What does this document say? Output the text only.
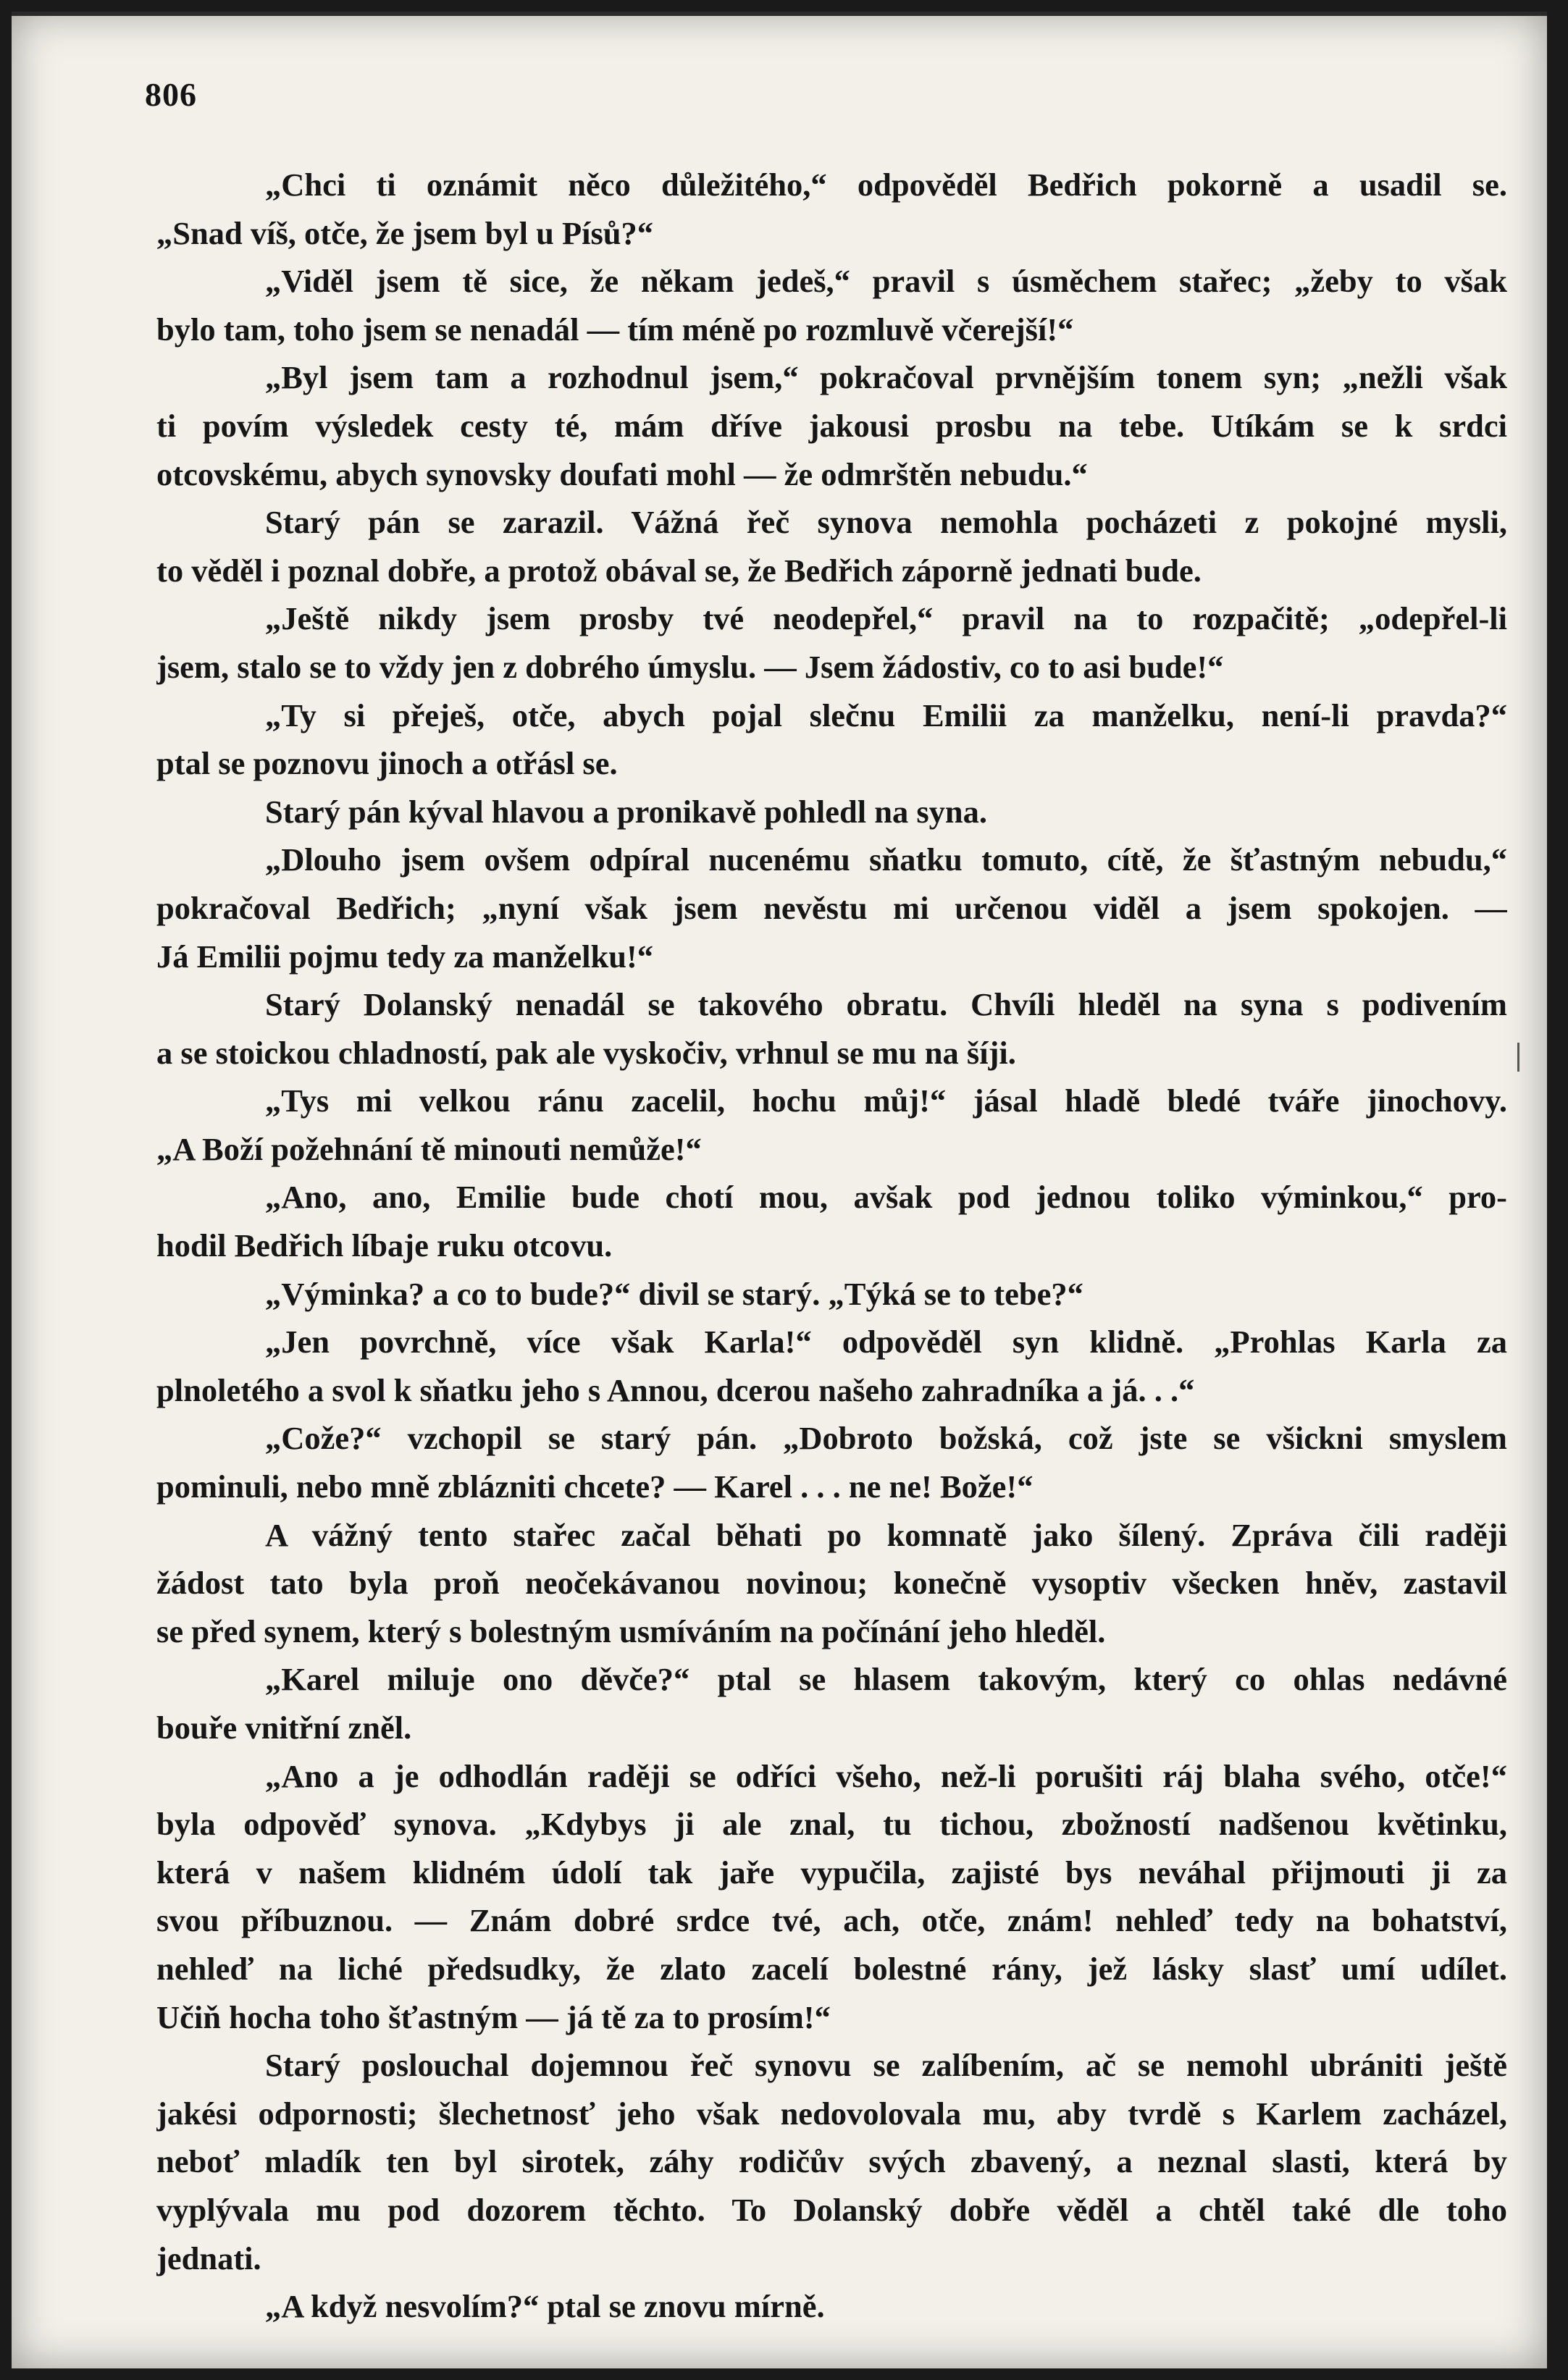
806
„Chci ti oznámit něco důležitého,“ odpověděl Bedřich pokorně a usadil se.
„Snad víš, otče, že jsem byl u Písů?“
„Viděl jsem tě sice, že někam jedeš,“ pravil s úsměchem stařec; „žeby to však
bylo tam, toho jsem se nenadál — tím méně po rozmluvě včerejší!“
„Byl jsem tam a rozhodnul jsem,“ pokračoval prvnějším tonem syn; „nežli však
ti povím výsledek cesty té, mám dříve jakousi prosbu na tebe. Utíkám se k srdci
otcovskému, abych synovsky doufati mohl — že odmrštěn nebudu.“
Starý pán se zarazil. Vážná řeč synova nemohla pocházeti z pokojné mysli,
to věděl i poznal dobře, a protož obával se, že Bedřich záporně jednati bude.
„Ještě nikdy jsem prosby tvé neodepřel,“ pravil na to rozpačitě; „odepřel-li
jsem, stalo se to vždy jen z dobrého úmyslu. — Jsem žádostiv, co to asi bude!“
„Ty si přeješ, otče, abych pojal slečnu Emilii za manželku, není-li pravda?“
ptal se poznovu jinoch a otřásl se.
Starý pán kýval hlavou a pronikavě pohledl na syna.
„Dlouho jsem ovšem odpíral nucenému sňatku tomuto, cítě, že šťastným nebudu,“
pokračoval Bedřich; „nyní však jsem nevěstu mi určenou viděl a jsem spokojen. —
Já Emilii pojmu tedy za manželku!“
Starý Dolanský nenadál se takového obratu. Chvíli hleděl na syna s podivením
a se stoickou chladností, pak ale vyskočiv, vrhnul se mu na šíji.
„Tys mi velkou ránu zacelil, hochu můj!“ jásal hladě bledé tváře jinochovy.
„A Boží požehnání tě minouti nemůže!“
„Ano, ano, Emilie bude chotí mou, avšak pod jednou toliko výminkou,“ pro-
hodil Bedřich líbaje ruku otcovu.
„Výminka? a co to bude?“ divil se starý. „Týká se to tebe?“
„Jen povrchně, více však Karla!“ odpověděl syn klidně. „Prohlas Karla za
plnoletého a svol k sňatku jeho s Annou, dcerou našeho zahradníka a já. . .“
„Cože?“ vzchopil se starý pán. „Dobroto božská, což jste se všickni smyslem
pominuli, nebo mně zblázniti chcete? — Karel . . . ne ne! Bože!“
A vážný tento stařec začal běhati po komnatě jako šílený. Zpráva čili raději
žádost tato byla proň neočekávanou novinou; konečně vysoptiv všecken hněv, zastavil
se před synem, který s bolestným usmíváním na počínání jeho hleděl.
„Karel miluje ono děvče?“ ptal se hlasem takovým, který co ohlas nedávné
bouře vnitřní zněl.
„Ano a je odhodlán raději se odříci všeho, než-li porušiti ráj blaha svého, otče!“
byla odpověď synova. „Kdybys ji ale znal, tu tichou, zbožností nadšenou květinku,
která v našem klidném údolí tak jaře vypučila, zajisté bys neváhal přijmouti ji za
svou příbuznou. — Znám dobré srdce tvé, ach, otče, znám! nehleď tedy na bohatství,
nehleď na liché předsudky, že zlato zacelí bolestné rány, jež lásky slasť umí udílet.
Učiň hocha toho šťastným — já tě za to prosím!“
Starý poslouchal dojemnou řeč synovu se zalíbením, ač se nemohl ubrániti ještě
jakési odpornosti; šlechetnosť jeho však nedovolovala mu, aby tvrdě s Karlem zacházel,
neboť mladík ten byl sirotek, záhy rodičův svých zbavený, a neznal slasti, která by
vyplývala mu pod dozorem těchto. To Dolanský dobře věděl a chtěl také dle toho
jednati.
„A když nesvolím?“ ptal se znovu mírně.
